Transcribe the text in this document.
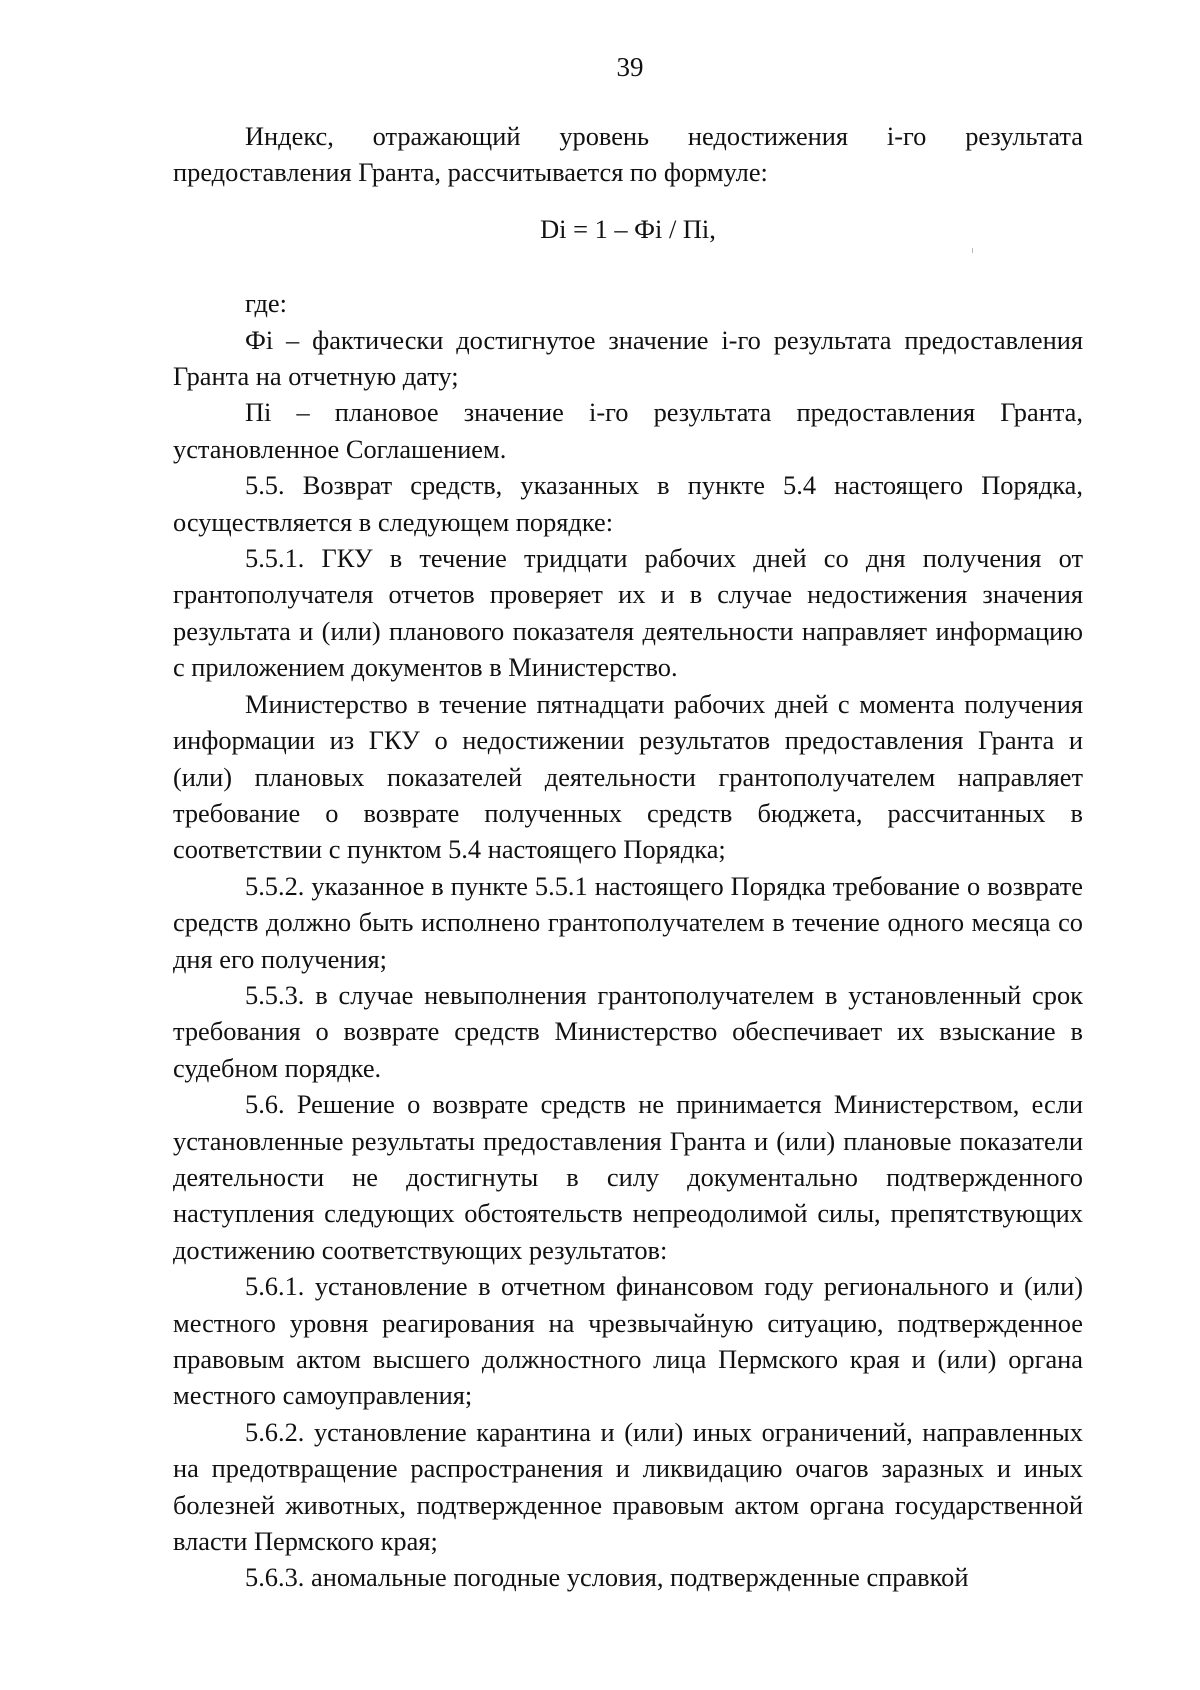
39

Индекс, отражающий уровень недостижения i-го результата предоставления Гранта, рассчитывается по формуле:

Di = 1 – Фi / Пi,

где:

Фi – фактически достигнутое значение i-го результата предоставления Гранта на отчетную дату;

Пi – плановое значение i-го результата предоставления Гранта, установленное Соглашением.

5.5. Возврат средств, указанных в пункте 5.4 настоящего Порядка, осуществляется в следующем порядке:

5.5.1. ГКУ в течение тридцати рабочих дней со дня получения от грантополучателя отчетов проверяет их и в случае недостижения значения результата и (или) планового показателя деятельности направляет информацию с приложением документов в Министерство.

Министерство в течение пятнадцати рабочих дней с момента получения информации из ГКУ о недостижении результатов предоставления Гранта и (или) плановых показателей деятельности грантополучателем направляет требование о возврате полученных средств бюджета, рассчитанных в соответствии с пунктом 5.4 настоящего Порядка;

5.5.2. указанное в пункте 5.5.1 настоящего Порядка требование о возврате средств должно быть исполнено грантополучателем в течение одного месяца со дня его получения;

5.5.3. в случае невыполнения грантополучателем в установленный срок требования о возврате средств Министерство обеспечивает их взыскание в судебном порядке.

5.6. Решение о возврате средств не принимается Министерством, если установленные результаты предоставления Гранта и (или) плановые показатели деятельности не достигнуты в силу документально подтвержденного наступления следующих обстоятельств непреодолимой силы, препятствующих достижению соответствующих результатов:

5.6.1. установление в отчетном финансовом году регионального и (или) местного уровня реагирования на чрезвычайную ситуацию, подтвержденное правовым актом высшего должностного лица Пермского края и (или) органа местного самоуправления;

5.6.2. установление карантина и (или) иных ограничений, направленных на предотвращение распространения и ликвидацию очагов заразных и иных болезней животных, подтвержденное правовым актом органа государственной власти Пермского края;

5.6.3. аномальные погодные условия, подтвержденные справкой
